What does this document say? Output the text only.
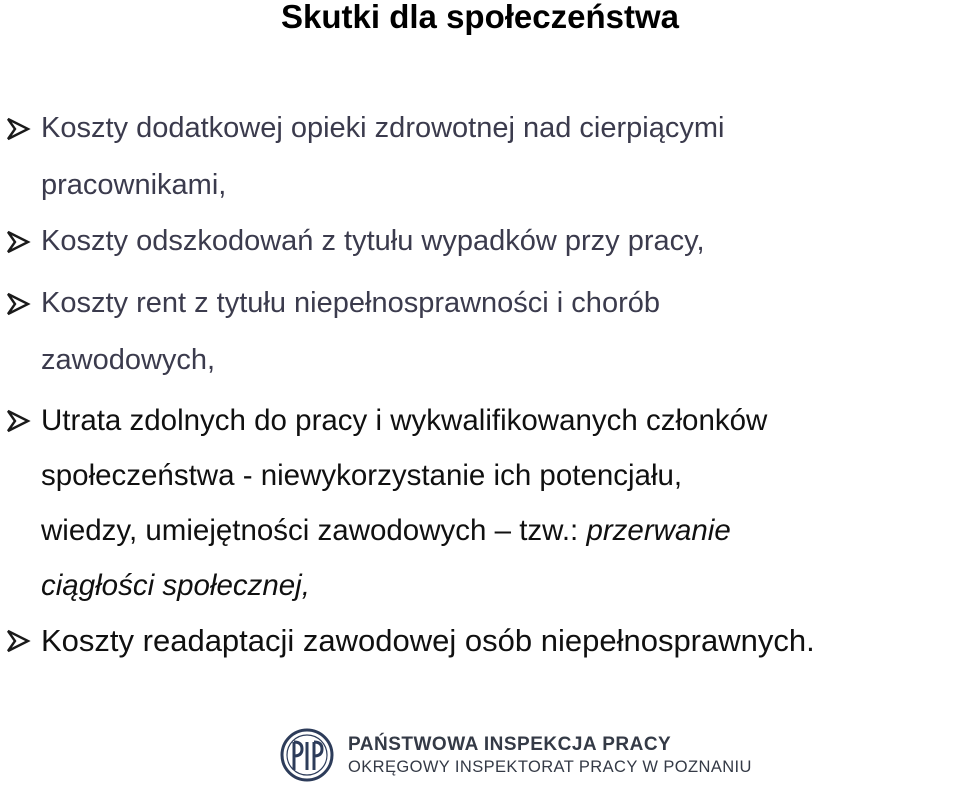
Skutki dla społeczeństwa
Koszty dodatkowej opieki zdrowotnej nad cierpiącymi
pracownikami,
Koszty odszkodowań z tytułu wypadków przy pracy,
Koszty rent z tytułu niepełnosprawności i chorób
zawodowych,
Utrata zdolnych do pracy i wykwalifikowanych członków
społeczeństwa - niewykorzystanie ich potencjału,
wiedzy, umiejętności zawodowych – tzw.: przerwanie
ciągłości społecznej,
Koszty readaptacji zawodowej osób niepełnosprawnych.
PAŃSTWOWA INSPEKCJA PRACY
OKRĘGOWY INSPEKTORAT PRACY W POZNANIU
